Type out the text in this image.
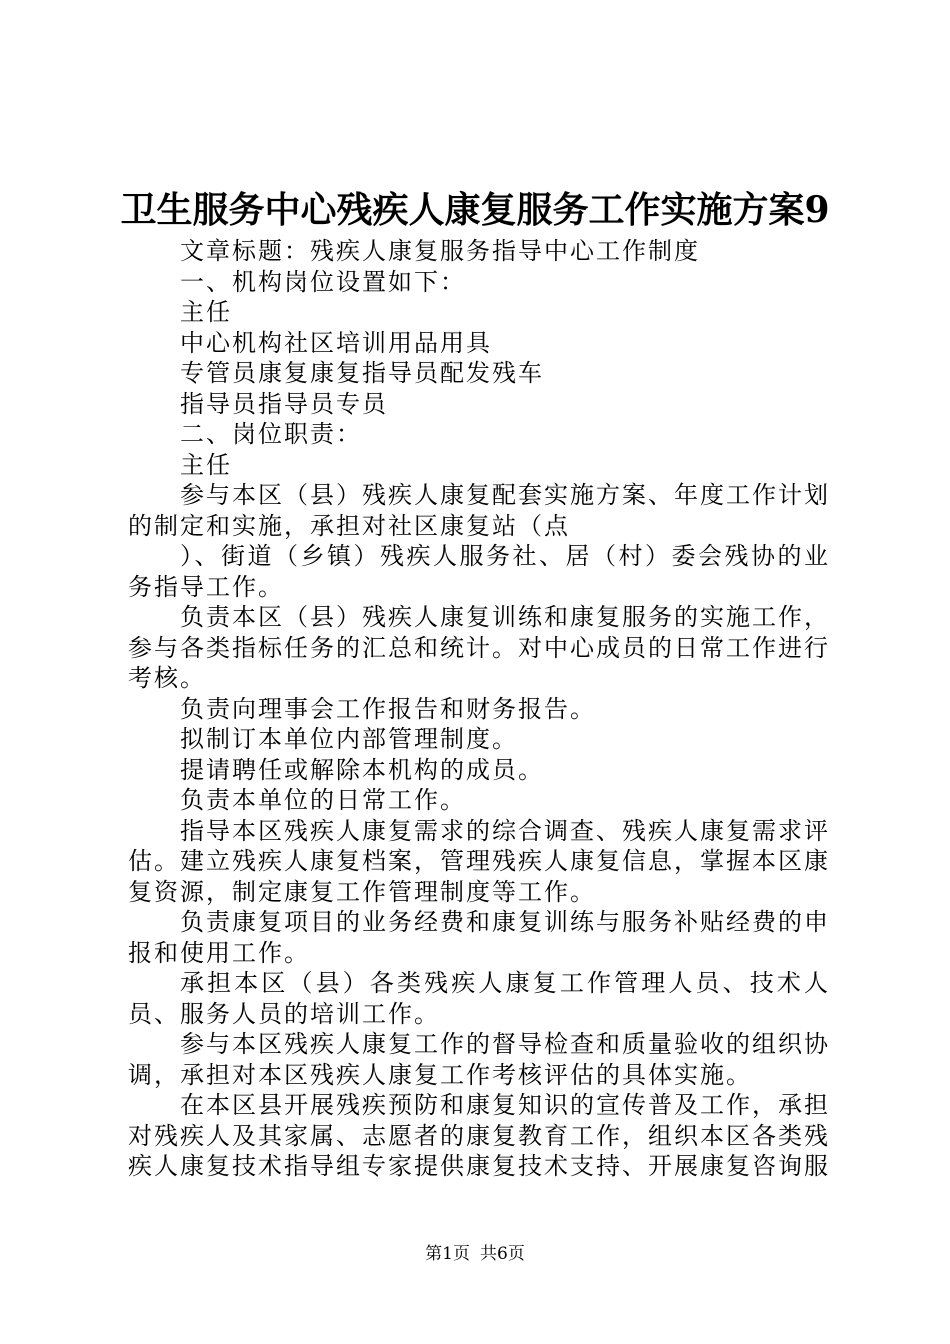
卫生服务中心残疾人康复服务工作实施方案9

文章标题：残疾人康复服务指导中心工作制度

一、机构岗位设置如下：

主任

中心机构社区培训用品用具

专管员康复康复指导员配发残车

指导员指导员专员

二、岗位职责：

主任

参与本区（县）残疾人康复配套实施方案、年度工作计划的制定和实施，承担对社区康复站（点

）、街道（乡镇）残疾人服务社、居（村）委会残协的业务指导工作。

负责本区（县）残疾人康复训练和康复服务的实施工作，参与各类指标任务的汇总和统计。对中心成员的日常工作进行考核。

负责向理事会工作报告和财务报告。

拟制订本单位内部管理制度。

提请聘任或解除本机构的成员。

负责本单位的日常工作。

指导本区残疾人康复需求的综合调查、残疾人康复需求评估。建立残疾人康复档案，管理残疾人康复信息，掌握本区康复资源，制定康复工作管理制度等工作。

负责康复项目的业务经费和康复训练与服务补贴经费的申报和使用工作。

承担本区（县）各类残疾人康复工作管理人员、技术人员、服务人员的培训工作。

参与本区残疾人康复工作的督导检查和质量验收的组织协调，承担对本区残疾人康复工作考核评估的具体实施。

在本区县开展残疾预防和康复知识的宣传普及工作，承担对残疾人及其家属、志愿者的康复教育工作，组织本区各类残疾人康复技术指导组专家提供康复技术支持、开展康复咨询服

第1页 共6页
